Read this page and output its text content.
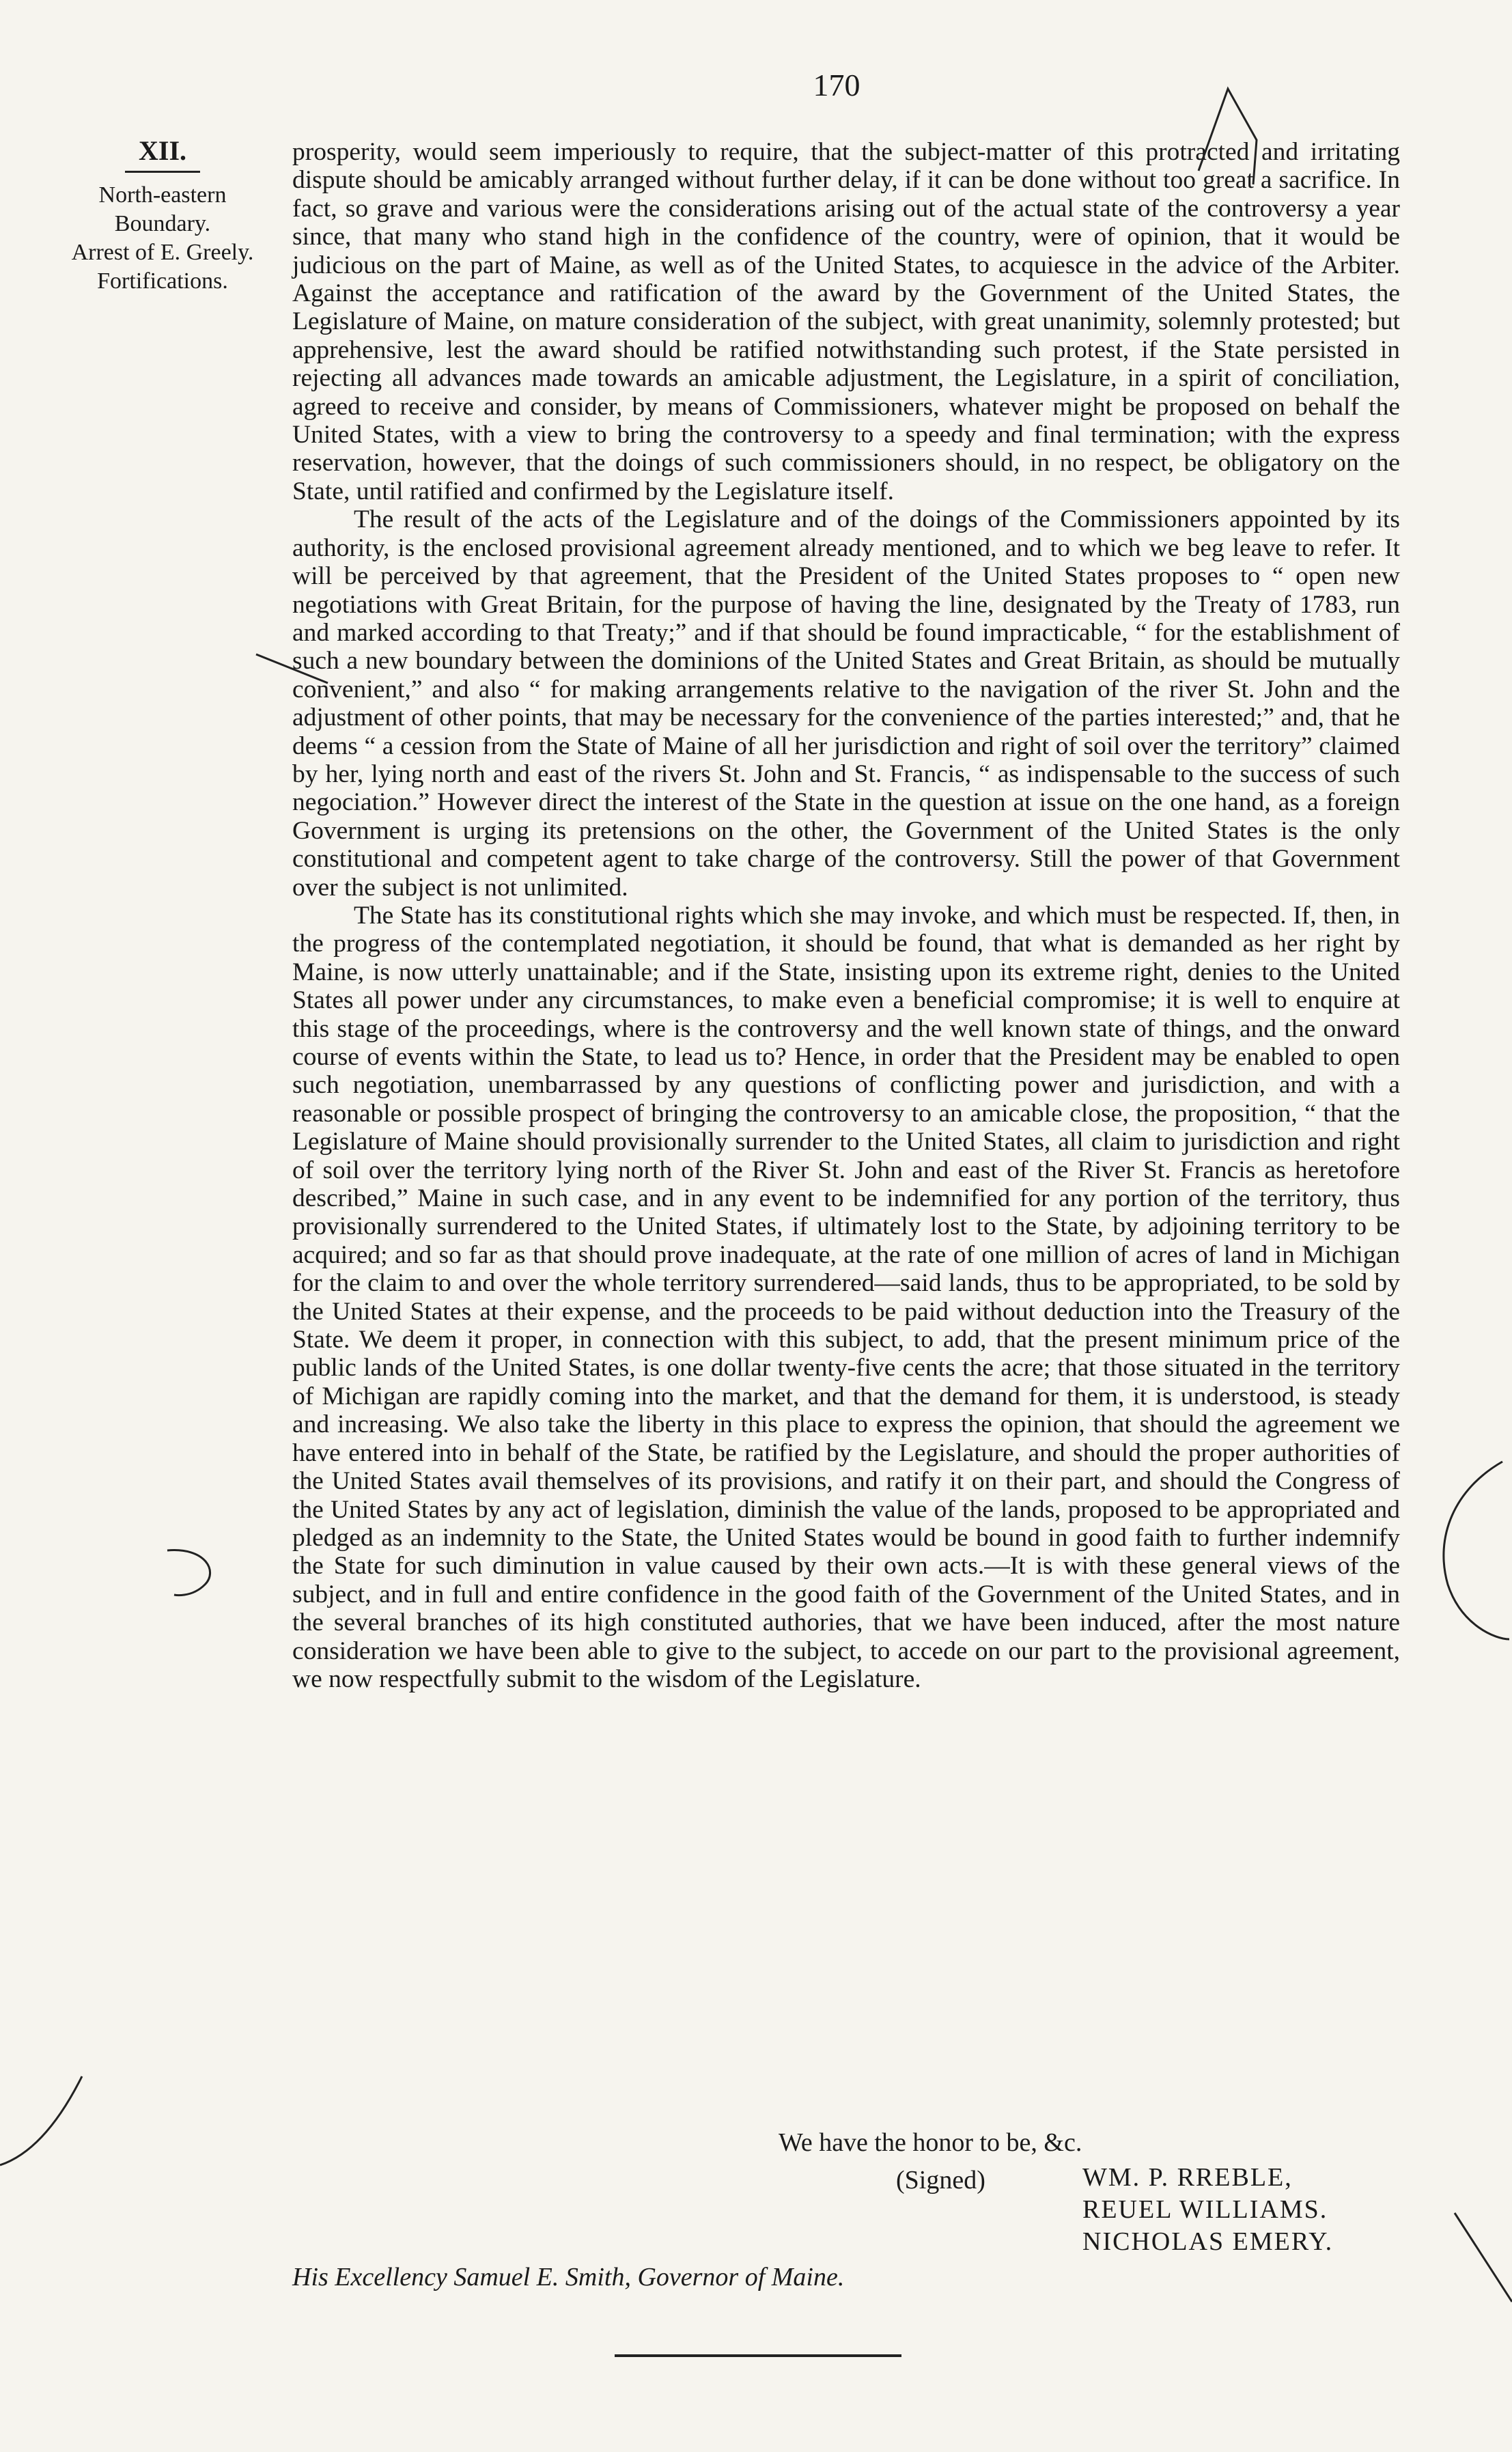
170
XII.
North-eastern
Boundary.
Arrest of E. Greely.
Fortifications.

prosperity, would seem imperiously to require, that the subject-matter of this protracted and irritating dispute should be amicably arranged without further delay, if it can be done without too great a sacrifice. In fact, so grave and various were the considerations arising out of the actual state of the controversy a year since, that many who stand high in the confidence of the country, were of opinion, that it would be judicious on the part of Maine, as well as of the United States, to acquiesce in the advice of the Arbiter. Against the acceptance and ratification of the award by the Government of the United States, the Legislature of Maine, on mature consideration of the subject, with great unanimity, solemnly protested; but apprehensive, lest the award should be ratified notwithstanding such protest, if the State persisted in rejecting all advances made towards an amicable adjustment, the Legislature, in a spirit of conciliation, agreed to receive and consider, by means of Commissioners, whatever might be proposed on behalf the United States, with a view to bring the controversy to a speedy and final termination; with the express reservation, however, that the doings of such commissioners should, in no respect, be obligatory on the State, until ratified and confirmed by the Legislature itself.

The result of the acts of the Legislature and of the doings of the Commissioners appointed by its authority, is the enclosed provisional agreement already mentioned, and to which we beg leave to refer. It will be perceived by that agreement, that the President of the United States proposes to “ open new negotiations with Great Britain, for the purpose of having the line, designated by the Treaty of 1783, run and marked according to that Treaty;” and if that should be found impracticable, “ for the establishment of such a new boundary between the dominions of the United States and Great Britain, as should be mutually convenient,” and also “ for making arrangements relative to the navigation of the river St. John and the adjustment of other points, that may be necessary for the convenience of the parties interested;” and, that he deems “ a cession from the State of Maine of all her jurisdiction and right of soil over the territory” claimed by her, lying north and east of the rivers St. John and St. Francis, “ as indispensable to the success of such negociation.” However direct the interest of the State in the question at issue on the one hand, as a foreign Government is urging its pretensions on the other, the Government of the United States is the only constitutional and competent agent to take charge of the controversy. Still the power of that Government over the subject is not unlimited.

The State has its constitutional rights which she may invoke, and which must be respected. If, then, in the progress of the contemplated negotiation, it should be found, that what is demanded as her right by Maine, is now utterly unattainable; and if the State, insisting upon its extreme right, denies to the United States all power under any circumstances, to make even a beneficial compromise; it is well to enquire at this stage of the proceedings, where is the controversy and the well known state of things, and the onward course of events within the State, to lead us to? Hence, in order that the President may be enabled to open such negotiation, unembarrassed by any questions of conflicting power and jurisdiction, and with a reasonable or possible prospect of bringing the controversy to an amicable close, the proposition, “ that the Legislature of Maine should provisionally surrender to the United States, all claim to jurisdiction and right of soil over the territory lying north of the River St. John and east of the River St. Francis as heretofore described,” Maine in such case, and in any event to be indemnified for any portion of the territory, thus provisionally surrendered to the United States, if ultimately lost to the State, by adjoining territory to be acquired; and so far as that should prove inadequate, at the rate of one million of acres of land in Michigan for the claim to and over the whole territory surrendered—said lands, thus to be appropriated, to be sold by the United States at their expense, and the proceeds to be paid without deduction into the Treasury of the State. We deem it proper, in connection with this subject, to add, that the present minimum price of the public lands of the United States, is one dollar twenty-five cents the acre; that those situated in the territory of Michigan are rapidly coming into the market, and that the demand for them, it is understood, is steady and increasing. We also take the liberty in this place to express the opinion, that should the agreement we have entered into in behalf of the State, be ratified by the Legislature, and should the proper authorities of the United States avail themselves of its provisions, and ratify it on their part, and should the Congress of the United States by any act of legislation, diminish the value of the lands, proposed to be appropriated and pledged as an indemnity to the State, the United States would be bound in good faith to further indemnify the State for such diminution in value caused by their own acts.—It is with these general views of the subject, and in full and entire confidence in the good faith of the Government of the United States, and in the several branches of its high constituted authories, that we have been induced, after the most nature consideration we have been able to give to the subject, to accede on our part to the provisional agreement, we now respectfully submit to the wisdom of the Legislature.

We have the honor to be, &c.
(Signed)	WM. P. RREBLE,
REUEL WILLIAMS.
NICHOLAS EMERY.
His Excellency Samuel E. Smith, Governor of Maine.
